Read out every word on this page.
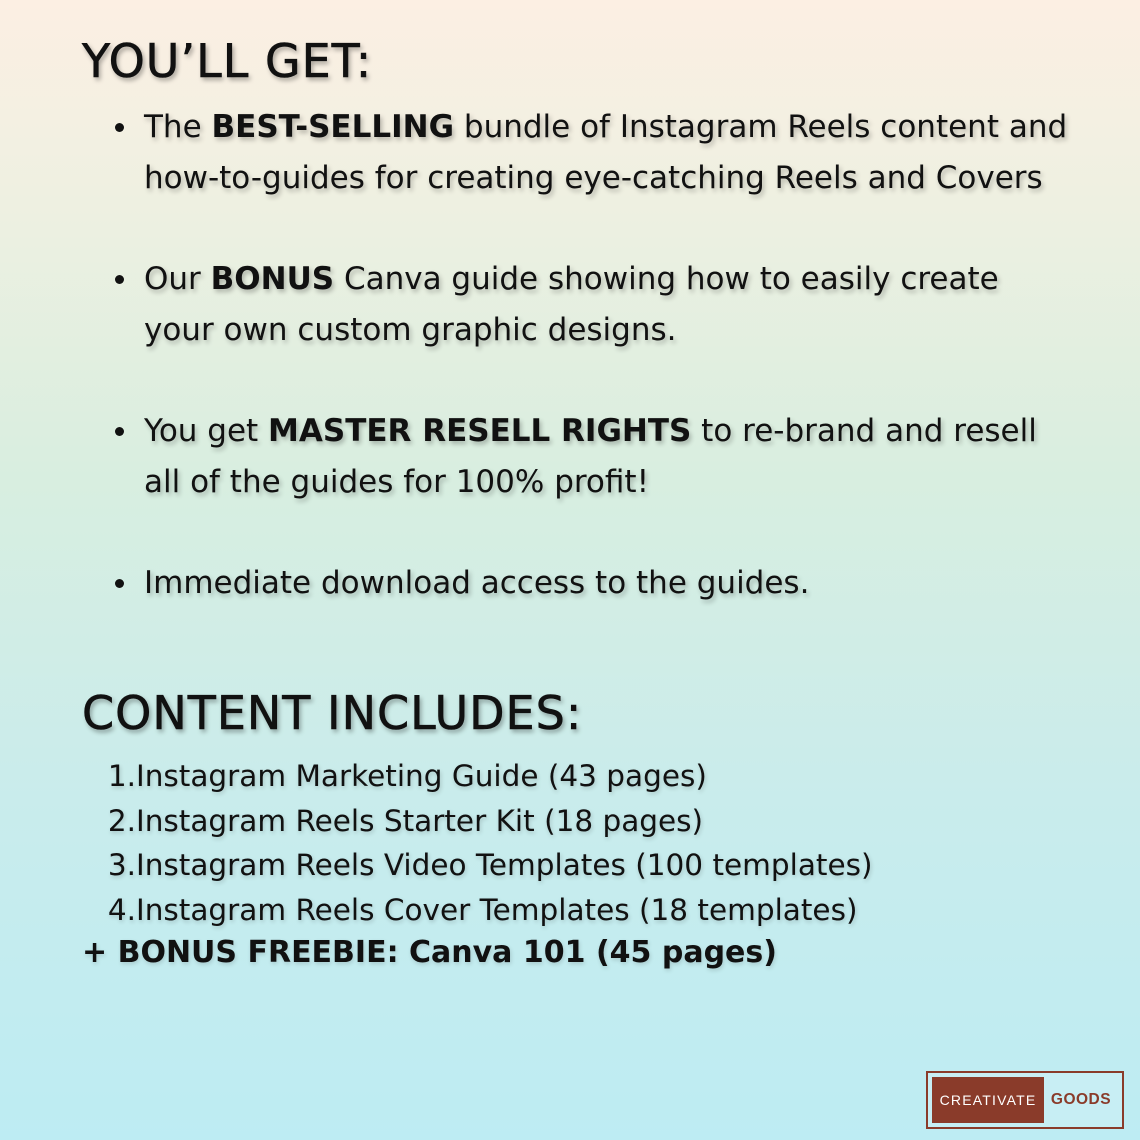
YOU’LL GET:
The BEST-SELLING bundle of Instagram Reels content and how-to-guides for creating eye-catching Reels and Covers
Our BONUS Canva guide showing how to easily create your own custom graphic designs.
You get MASTER RESELL RIGHTS to re-brand and resell all of the guides for 100% profit!
Immediate download access to the guides.
CONTENT INCLUDES:
1.Instagram Marketing Guide (43 pages)
2.Instagram Reels Starter Kit (18 pages)
3.Instagram Reels Video Templates (100 templates)
4.Instagram Reels Cover Templates (18 templates)
+ BONUS FREEBIE: Canva 101 (45 pages)
CREATIVATE GOODS
